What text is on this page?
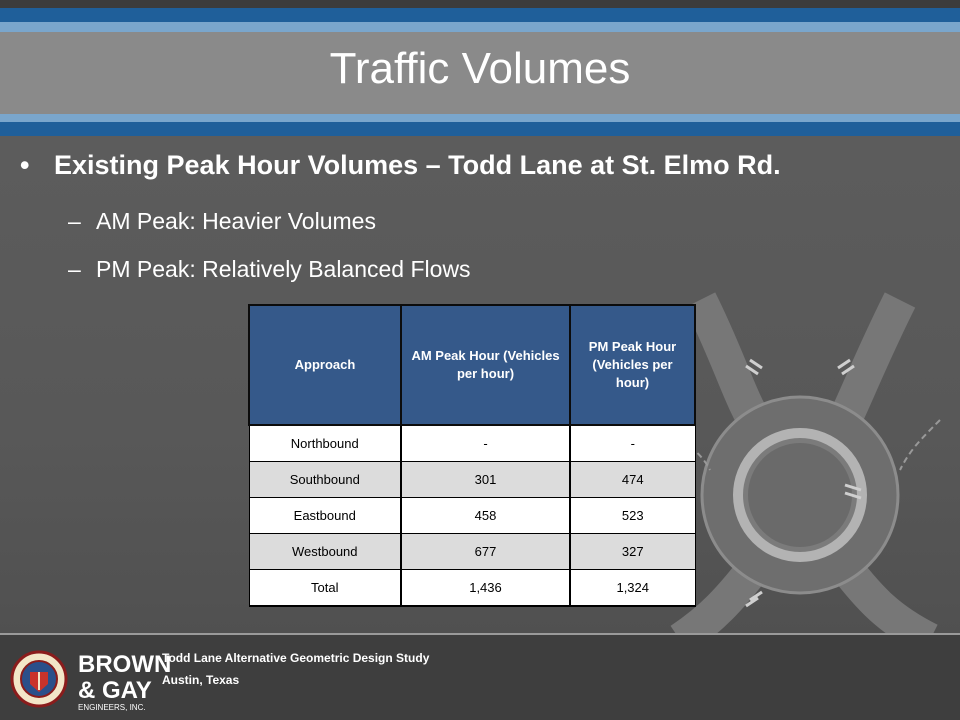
Traffic Volumes
• Existing Peak Hour Volumes – Todd Lane at St. Elmo Rd.
– AM Peak: Heavier Volumes
– PM Peak: Relatively Balanced Flows
Approach	AM Peak Hour (Vehicles per hour)	PM Peak Hour (Vehicles per hour)
Northbound	-	-
Southbound	301	474
Eastbound	458	523
Westbound	677	327
Total	1,436	1,324
BROWN
& GAY
ENGINEERS, INC.
Todd Lane Alternative Geometric Design Study
Austin, Texas
